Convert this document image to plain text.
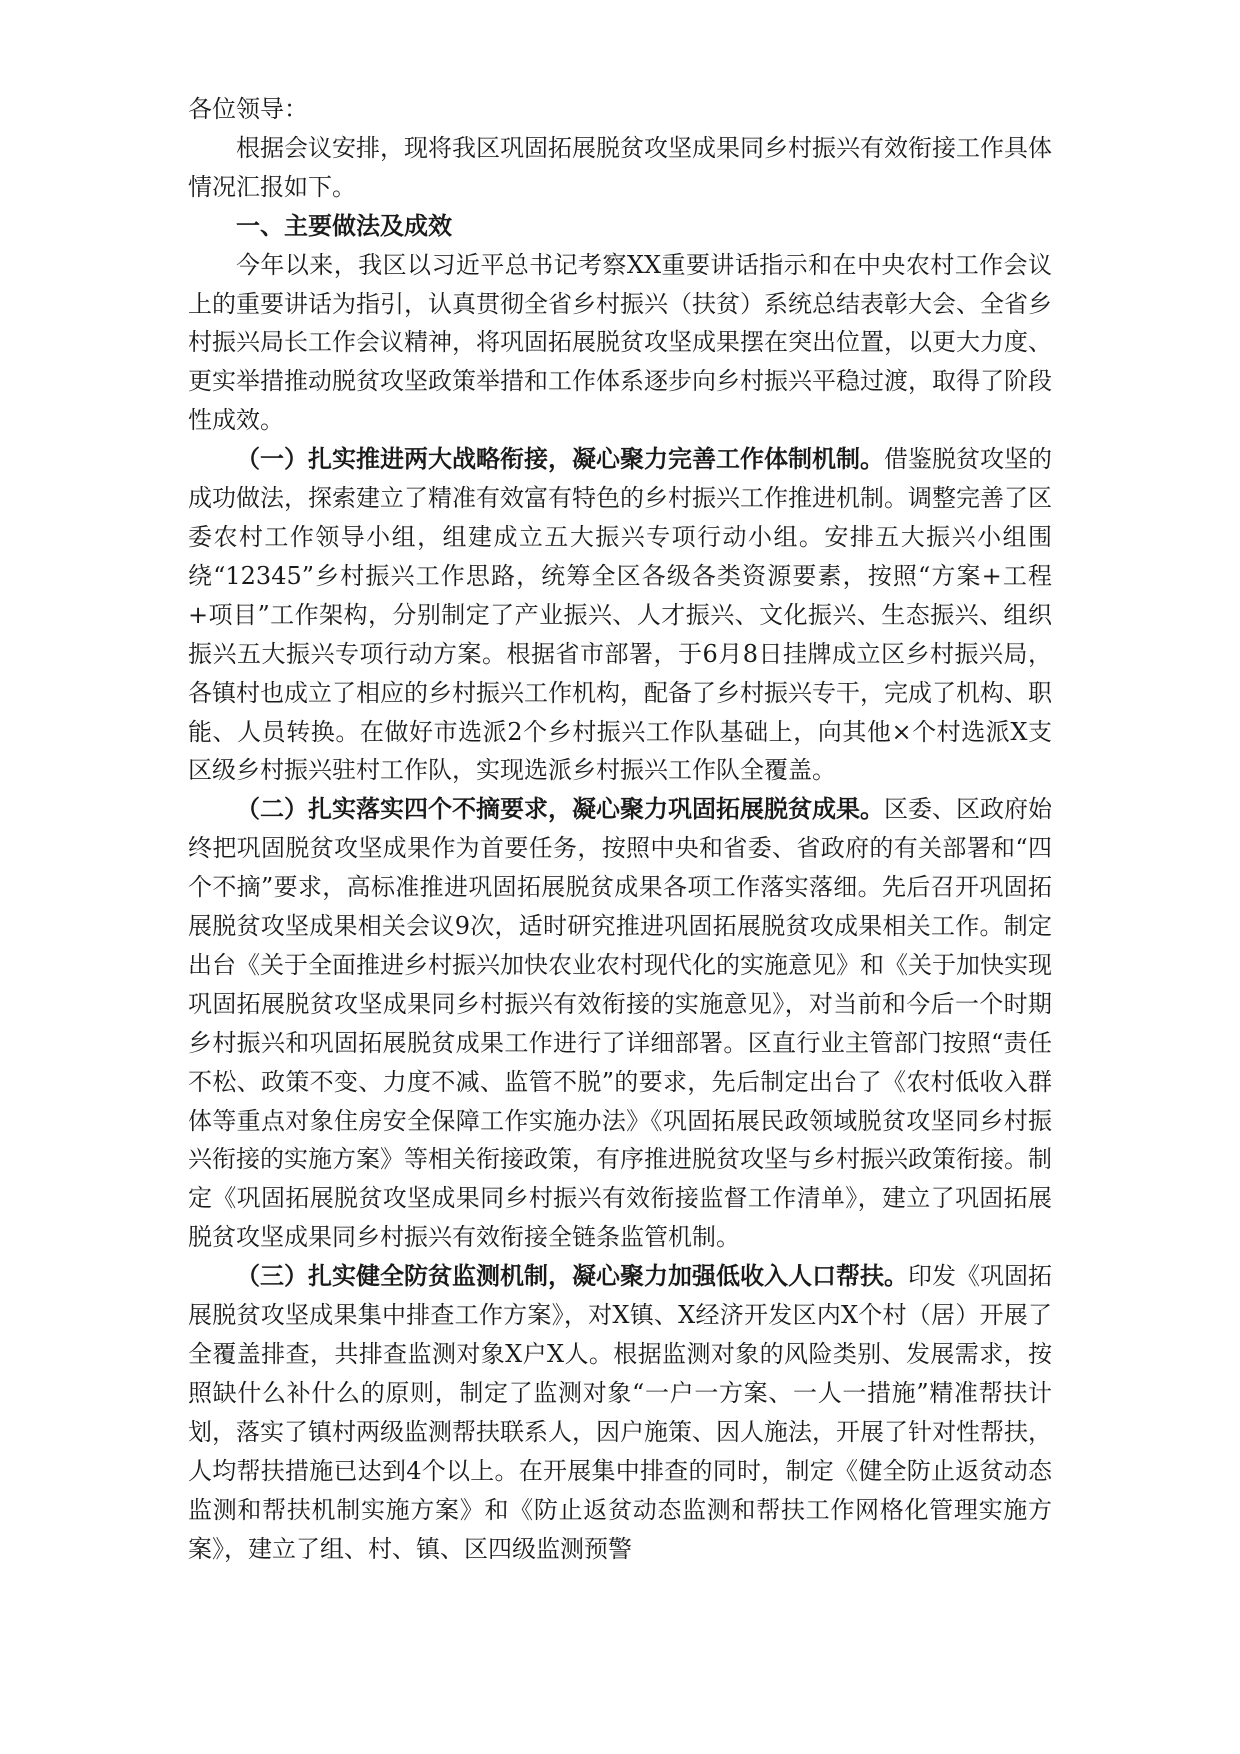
各位领导：

根据会议安排，现将我区巩固拓展脱贫攻坚成果同乡村振兴有效衔接工作具体情况汇报如下。

一、主要做法及成效

今年以来，我区以习近平总书记考察XX重要讲话指示和在中央农村工作会议上的重要讲话为指引，认真贯彻全省乡村振兴（扶贫）系统总结表彰大会、全省乡村振兴局长工作会议精神，将巩固拓展脱贫攻坚成果摆在突出位置，以更大力度、更实举措推动脱贫攻坚政策举措和工作体系逐步向乡村振兴平稳过渡，取得了阶段性成效。

（一）扎实推进两大战略衔接，凝心聚力完善工作体制机制。借鉴脱贫攻坚的成功做法，探索建立了精准有效富有特色的乡村振兴工作推进机制。调整完善了区委农村工作领导小组，组建成立五大振兴专项行动小组。安排五大振兴小组围绕“12345”乡村振兴工作思路，统筹全区各级各类资源要素，按照“方案+工程+项目”工作架构，分别制定了产业振兴、人才振兴、文化振兴、生态振兴、组织振兴五大振兴专项行动方案。根据省市部署，于6月8日挂牌成立区乡村振兴局，各镇村也成立了相应的乡村振兴工作机构，配备了乡村振兴专干，完成了机构、职能、人员转换。在做好市选派2个乡村振兴工作队基础上，向其他×个村选派X支区级乡村振兴驻村工作队，实现选派乡村振兴工作队全覆盖。

（二）扎实落实四个不摘要求，凝心聚力巩固拓展脱贫成果。区委、区政府始终把巩固脱贫攻坚成果作为首要任务，按照中央和省委、省政府的有关部署和“四个不摘”要求，高标准推进巩固拓展脱贫成果各项工作落实落细。先后召开巩固拓展脱贫攻坚成果相关会议9次，适时研究推进巩固拓展脱贫攻成果相关工作。制定出台《关于全面推进乡村振兴加快农业农村现代化的实施意见》和《关于加快实现巩固拓展脱贫攻坚成果同乡村振兴有效衔接的实施意见》，对当前和今后一个时期乡村振兴和巩固拓展脱贫成果工作进行了详细部署。区直行业主管部门按照“责任不松、政策不变、力度不减、监管不脱”的要求，先后制定出台了《农村低收入群体等重点对象住房安全保障工作实施办法》《巩固拓展民政领域脱贫攻坚同乡村振兴衔接的实施方案》等相关衔接政策，有序推进脱贫攻坚与乡村振兴政策衔接。制定《巩固拓展脱贫攻坚成果同乡村振兴有效衔接监督工作清单》，建立了巩固拓展脱贫攻坚成果同乡村振兴有效衔接全链条监管机制。

（三）扎实健全防贫监测机制，凝心聚力加强低收入人口帮扶。印发《巩固拓展脱贫攻坚成果集中排查工作方案》，对X镇、X经济开发区内X个村（居）开展了全覆盖排查，共排查监测对象X户X人。根据监测对象的风险类别、发展需求，按照缺什么补什么的原则，制定了监测对象“一户一方案、一人一措施”精准帮扶计划，落实了镇村两级监测帮扶联系人，因户施策、因人施法，开展了针对性帮扶，人均帮扶措施已达到4个以上。在开展集中排查的同时，制定《健全防止返贫动态监测和帮扶机制实施方案》和《防止返贫动态监测和帮扶工作网格化管理实施方案》，建立了组、村、镇、区四级监测预警
